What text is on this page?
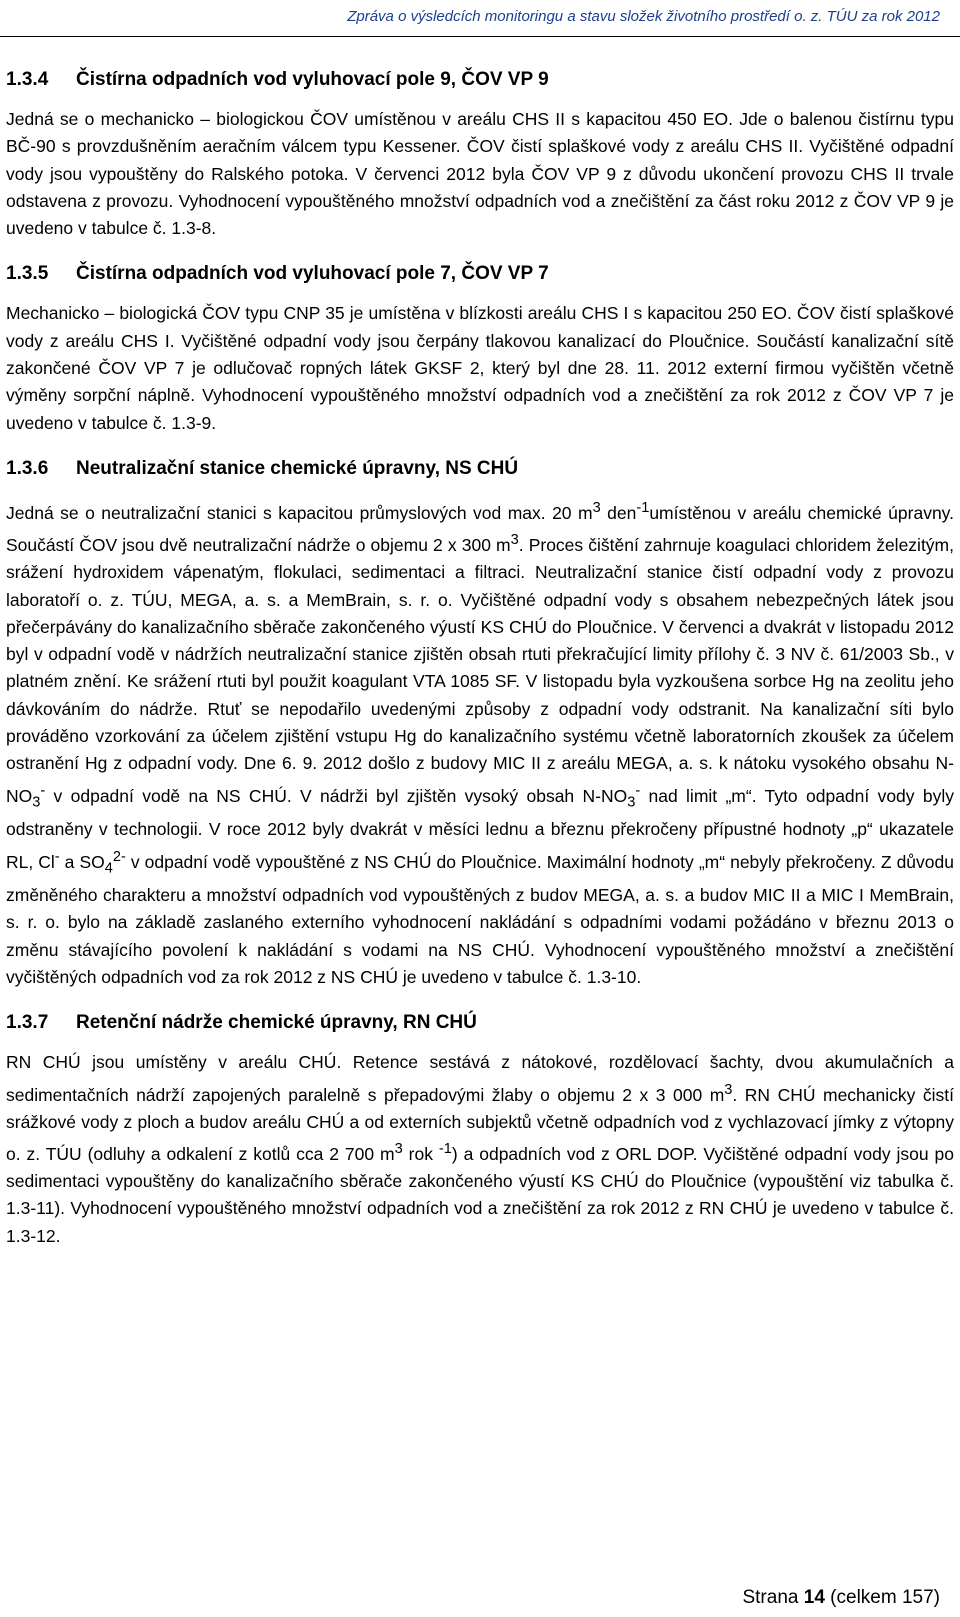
Zpráva o výsledcích monitoringu a stavu složek životního prostředí o. z. TÚU za rok 2012
1.3.4 Čistírna odpadních vod vyluhovací pole 9, ČOV VP 9

Jedná se o mechanicko – biologickou ČOV umístěnou v areálu CHS II s kapacitou 450 EO. Jde o balenou čistírnu typu BČ-90 s provzdušněním aeračním válcem typu Kessener. ČOV čistí splaškové vody z areálu CHS II. Vyčištěné odpadní vody jsou vypouštěny do Ralského potoka. V červenci 2012 byla ČOV VP 9 z důvodu ukončení provozu CHS II trvale odstavena z provozu. Vyhodnocení vypouštěného množství odpadních vod a znečištění za část roku 2012 z ČOV VP 9 je uvedeno v tabulce č. 1.3-8.

1.3.5 Čistírna odpadních vod vyluhovací pole 7, ČOV VP 7

Mechanicko – biologická ČOV typu CNP 35 je umístěna v blízkosti areálu CHS I s kapacitou 250 EO. ČOV čistí splaškové vody z areálu CHS I. Vyčištěné odpadní vody jsou čerpány tlakovou kanalizací do Ploučnice. Součástí kanalizační sítě zakončené ČOV VP 7 je odlučovač ropných látek GKSF 2, který byl dne 28. 11. 2012 externí firmou vyčištěn včetně výměny sorpční náplně. Vyhodnocení vypouštěného množství odpadních vod a znečištění za rok 2012 z ČOV VP 7 je uvedeno v tabulce č. 1.3-9.

1.3.6 Neutralizační stanice chemické úpravny, NS CHÚ

Jedná se o neutralizační stanici s kapacitou průmyslových vod max. 20 $m^3$ den$^{-1}$umístěnou v areálu chemické úpravny. Součástí ČOV jsou dvě neutralizační nádrže o objemu 2 x 300 $m^3$. Proces čištění zahrnuje koagulaci chloridem železitým, srážení hydroxidem vápenatým, flokulaci, sedimentaci a filtraci. Neutralizační stanice čistí odpadní vody z provozu laboratoří o. z. TÚU, MEGA, a. s. a MemBrain, s. r. o. Vyčištěné odpadní vody s obsahem nebezpečných látek jsou přečerpávány do kanalizačního sběrače zakončeného výustí KS CHÚ do Ploučnice. V červenci a dvakrát v listopadu 2012 byl v odpadní vodě v nádržích neutralizační stanice zjištěn obsah rtuti překračující limity přílohy č. 3 NV č. 61/2003 Sb., v platném znění. Ke srážení rtuti byl použit koagulant VTA 1085 SF. V listopadu byla vyzkoušena sorbce Hg na zeolitu jeho dávkováním do nádrže. Rtuť se nepodařilo uvedenými způsoby z odpadní vody odstranit. Na kanalizační síti bylo prováděno vzorkování za účelem zjištění vstupu Hg do kanalizačního systému včetně laboratorních zkoušek za účelem ostranění Hg z odpadní vody. Dne 6. 9. 2012 došlo z budovy MIC II z areálu MEGA, a. s. k nátoku vysokého obsahu $N-NO_3^-$ v odpadní vodě na NS CHÚ. V nádrži byl zjištěn vysoký obsah $N-NO_3^-$ nad limit „m“. Tyto odpadní vody byly odstraněny v technologii. V roce 2012 byly dvakrát v měsíci lednu a březnu překročeny přípustné hodnoty „p“ ukazatele RL, Cl- a $SO_4^{2-}$ v odpadní vodě vypouštěné z NS CHÚ do Ploučnice. Maximální hodnoty „m“ nebyly překročeny. Z důvodu změněného charakteru a množství odpadních vod vypouštěných z budov MEGA, a. s. a budov MIC II a MIC I MemBrain, s. r. o. bylo na základě zaslaného externího vyhodnocení nakládání s odpadními vodami požádáno v březnu 2013 o změnu stávajícího povolení k nakládání s vodami na NS CHÚ. Vyhodnocení vypouštěného množství a znečištění vyčištěných odpadních vod za rok 2012 z NS CHÚ je uvedeno v tabulce č. 1.3-10.

1.3.7 Retenční nádrže chemické úpravny, RN CHÚ

RN CHÚ jsou umístěny v areálu CHÚ. Retence sestává z nátokové, rozdělovací šachty, dvou akumulačních a sedimentačních nádrží zapojených paralelně s přepadovými žlaby o objemu 2 x 3 000 $m^3$. RN CHÚ mechanicky čistí srážkové vody z ploch a budov areálu CHÚ a od externích subjektů včetně odpadních vod z vychlazovací jímky z výtopny o. z. TÚU (odluhy a odkalení z kotlů cca 2 700 $m^3$ rok $^{-1}$) a odpadních vod z ORL DOP. Vyčištěné odpadní vody jsou po sedimentaci vypouštěny do kanalizačního sběrače zakončeného výustí KS CHÚ do Ploučnice (vypouštění viz tabulka č. 1.3-11). Vyhodnocení vypouštěného množství odpadních vod a znečištění za rok 2012 z RN CHÚ je uvedeno v tabulce č. 1.3-12.

Strana 14 (celkem 157)
